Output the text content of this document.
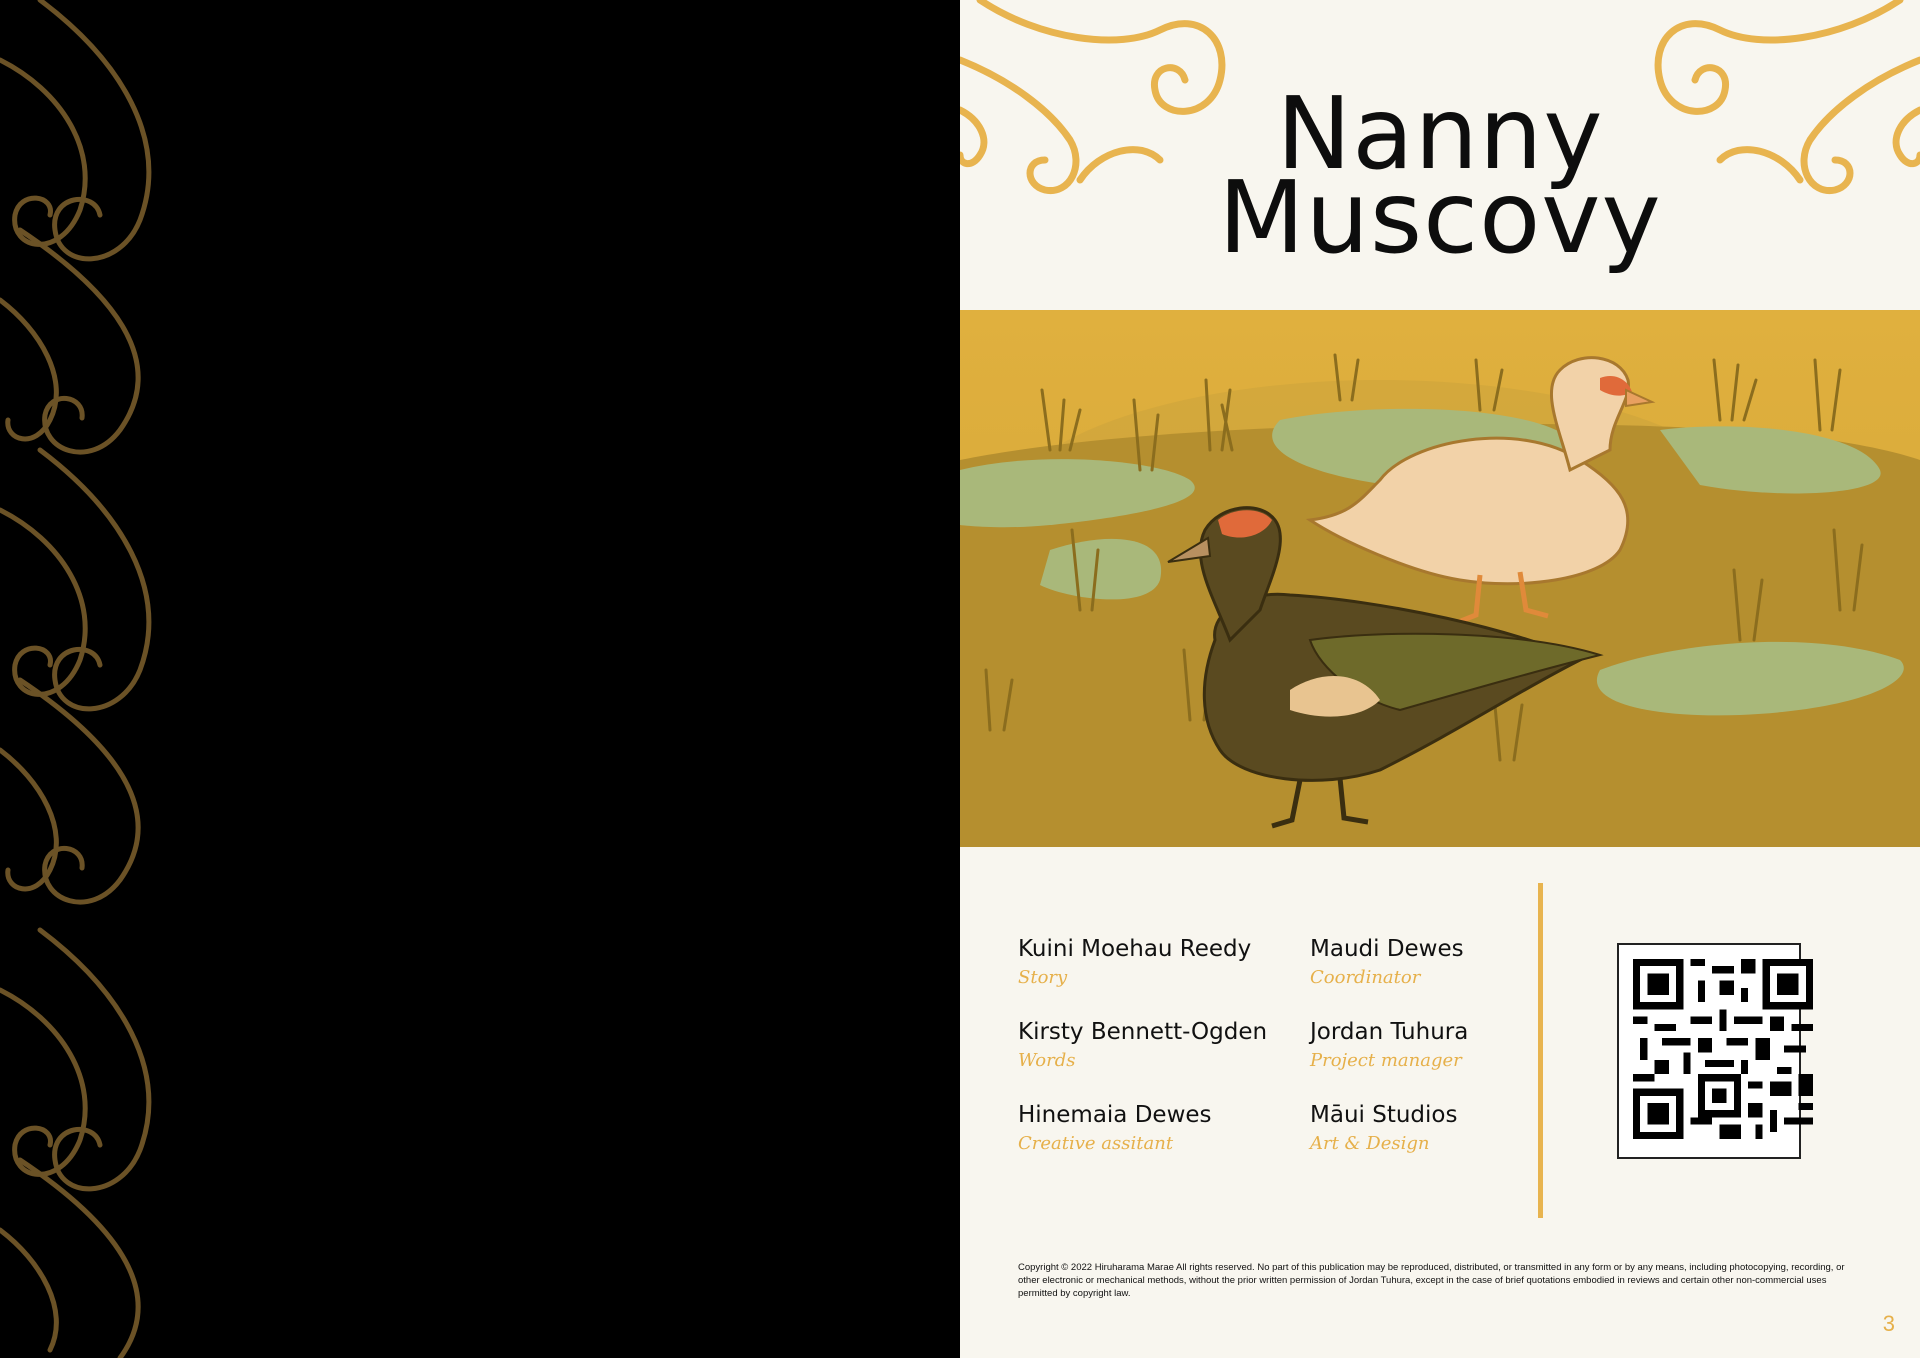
Nanny
Muscovy
Kuini Moehau Reedy
Story
Maudi Dewes
Coordinator
Kirsty Bennett-Ogden
Words
Jordan Tuhura
Project manager
Hinemaia Dewes
Creative assitant
Māui Studios
Art & Design
Copyright © 2022 Hiruharama Marae All rights reserved. No part of this publication may be reproduced, distributed, or transmitted in any form or by any means, including photocopying, recording, or other electronic or mechanical methods, without the prior written permission of Jordan Tuhura, except in the case of brief quotations embodied in reviews and certain other non-commercial uses permitted by copyright law.
3
